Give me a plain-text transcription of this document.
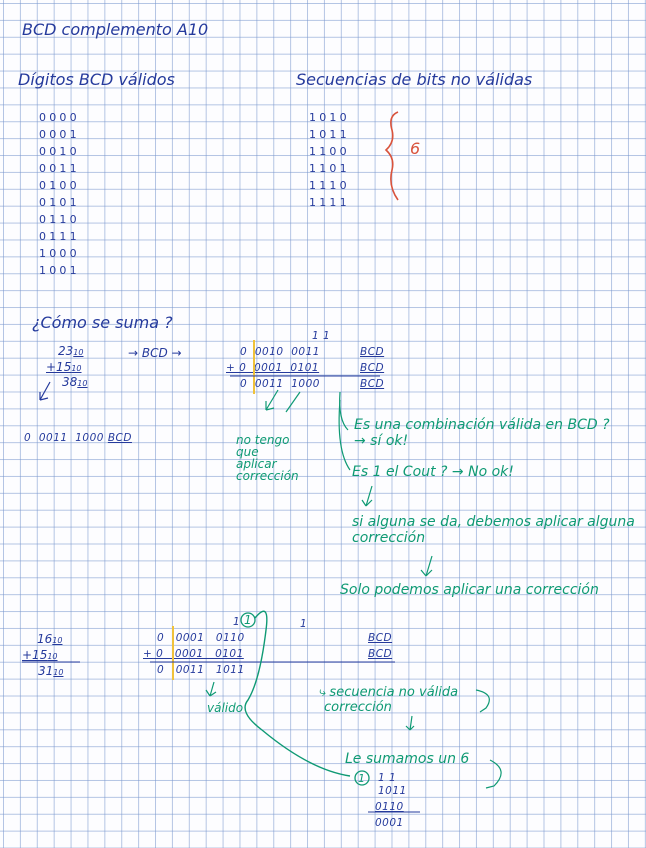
BCD complemento A10
Dígitos BCD válidos	Secuencias de bits no válidas
0000
0001
0010
0011
0100
0101
0110
0111
1000
1001
1010
1011
1100
1101
1110
1111
6
¿Cómo se suma ?
2310
+1510
3810
→ BCD →
1 1
0  0010  0011
+ 0  0001  0101
0  0011  1000
BCD
BCD
BCD
0  0011  1000 BCD	no tengo que aplicar corrección
Es una combinación válida en BCD ? → sí ok!
Es 1 el Cout ? → No ok!
si alguna se da, debemos aplicar alguna corrección
Solo podemos aplicar una corrección
1610
+1510
3110
0   0001   0110
+ 0   0001   0101
0   0011   1011
BCD
BCD
1	1
1
válido
⤷ secuencia no válida
corrección
Le sumamos un 6
1 1 1
1011
0110
0001
